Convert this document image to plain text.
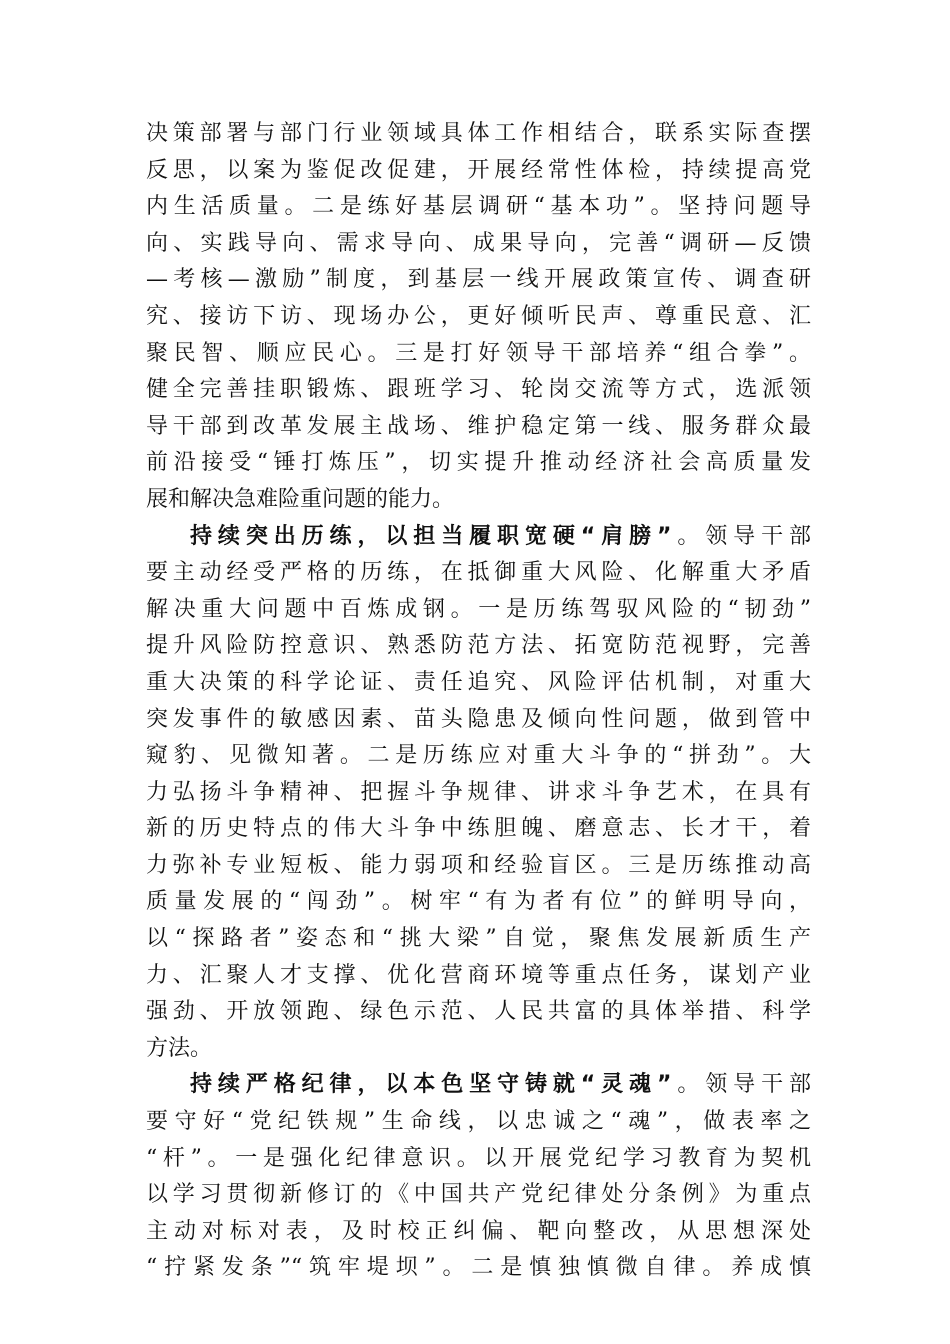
决策部署与部门行业领域具体工作相结合，联系实际查摆
反思，以案为鉴促改促建，开展经常性体检，持续提高党
内生活质量。二是练好基层调研“基本功”。坚持问题导
向、实践导向、需求导向、成果导向，完善“调研—反馈
—考核—激励”制度，到基层一线开展政策宣传、调查研
究、接访下访、现场办公，更好倾听民声、尊重民意、汇
聚民智、顺应民心。三是打好领导干部培养“组合拳”。
健全完善挂职锻炼、跟班学习、轮岗交流等方式，选派领
导干部到改革发展主战场、维护稳定第一线、服务群众最
前沿接受“锤打炼压”，切实提升推动经济社会高质量发
展和解决急难险重问题的能力。
持续突出历练，以担当履职宽硬“肩膀”。领导干部
要主动经受严格的历练，在抵御重大风险、化解重大矛盾
解决重大问题中百炼成钢。一是历练驾驭风险的“韧劲”
提升风险防控意识、熟悉防范方法、拓宽防范视野，完善
重大决策的科学论证、责任追究、风险评估机制，对重大
突发事件的敏感因素、苗头隐患及倾向性问题，做到管中
窥豹、见微知著。二是历练应对重大斗争的“拼劲”。大
力弘扬斗争精神、把握斗争规律、讲求斗争艺术，在具有
新的历史特点的伟大斗争中练胆魄、磨意志、长才干，着
力弥补专业短板、能力弱项和经验盲区。三是历练推动高
质量发展的“闯劲”。树牢“有为者有位”的鲜明导向，
以“探路者”姿态和“挑大梁”自觉，聚焦发展新质生产
力、汇聚人才支撑、优化营商环境等重点任务，谋划产业
强劲、开放领跑、绿色示范、人民共富的具体举措、科学
方法。
持续严格纪律，以本色坚守铸就“灵魂”。领导干部
要守好“党纪铁规”生命线，以忠诚之“魂”，做表率之
“杆”。一是强化纪律意识。以开展党纪学习教育为契机
以学习贯彻新修订的《中国共产党纪律处分条例》为重点
主动对标对表，及时校正纠偏、靶向整改，从思想深处
“拧紧发条”“筑牢堤坝”。二是慎独慎微自律。养成慎
